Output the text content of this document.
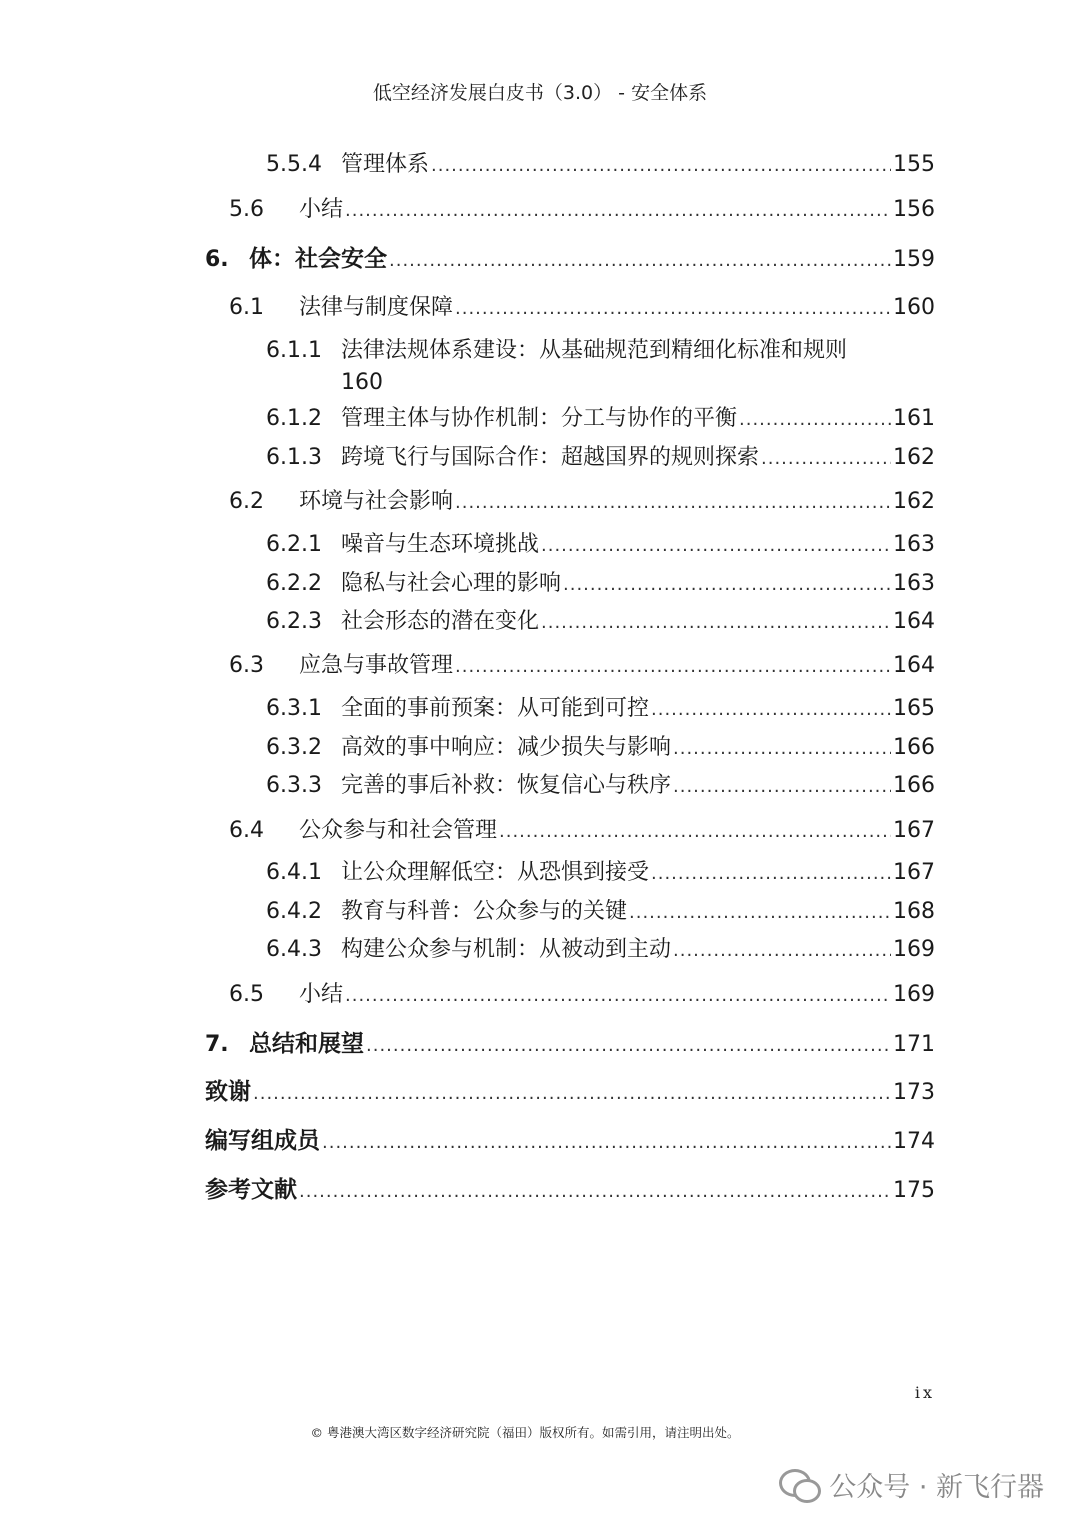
低空经济发展白皮书（3.0） - 安全体系
5.5.4 管理体系 .....	155
5.6	小结 .....	156
6. 体：社会安全 .....	159
6.1	法律与制度保障 .....	160
6.1.1 法律法规体系建设：从基础规范到精细化标准和规则
160
6.1.2 管理主体与协作机制：分工与协作的平衡 .....	161
6.1.3 跨境飞行与国际合作：超越国界的规则探索 .....	162
6.2	环境与社会影响 .....	162
6.2.1 噪音与生态环境挑战 .....	163
6.2.2 隐私与社会心理的影响 .....	163
6.2.3 社会形态的潜在变化 .....	164
6.3	应急与事故管理 .....	164
6.3.1 全面的事前预案：从可能到可控 .....	165
6.3.2 高效的事中响应：减少损失与影响 .....	166
6.3.3 完善的事后补救：恢复信心与秩序 .....	166
6.4	公众参与和社会管理 .....	167
6.4.1 让公众理解低空：从恐惧到接受 .....	167
6.4.2 教育与科普：公众参与的关键 .....	168
6.4.3 构建公众参与机制：从被动到主动 .....	169
6.5	小结 .....	169
7. 总结和展望 .....	171
致谢 .....	173
编写组成员 .....	174
参考文献 .....	175
ix
© 粤港澳大湾区数字经济研究院（福田）版权所有。如需引用，请注明出处。
公众号 · 新飞行器
